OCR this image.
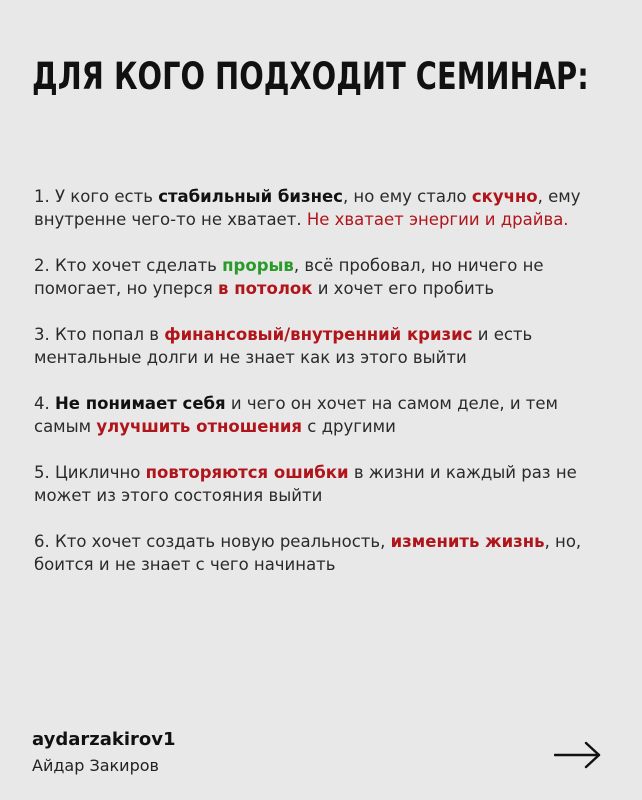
ДЛЯ КОГО ПОДХОДИТ СЕМИНАР:

1. У кого есть стабильный бизнес, но ему стало скучно, ему внутренне чего-то не хватает. Не хватает энергии и драйва.

2. Кто хочет сделать прорыв, всё пробовал, но ничего не помогает, но уперся в потолок и хочет его пробить

3. Кто попал в финансовый/внутренний кризис и есть ментальные долги и не знает как из этого выйти

4. Не понимает себя и чего он хочет на самом деле, и тем самым улучшить отношения с другими

5. Циклично повторяются ошибки в жизни и каждый раз не может из этого состояния выйти

6. Кто хочет создать новую реальность, изменить жизнь, но, боится и не знает с чего начинать

aydarzakirov1
Айдар Закиров
